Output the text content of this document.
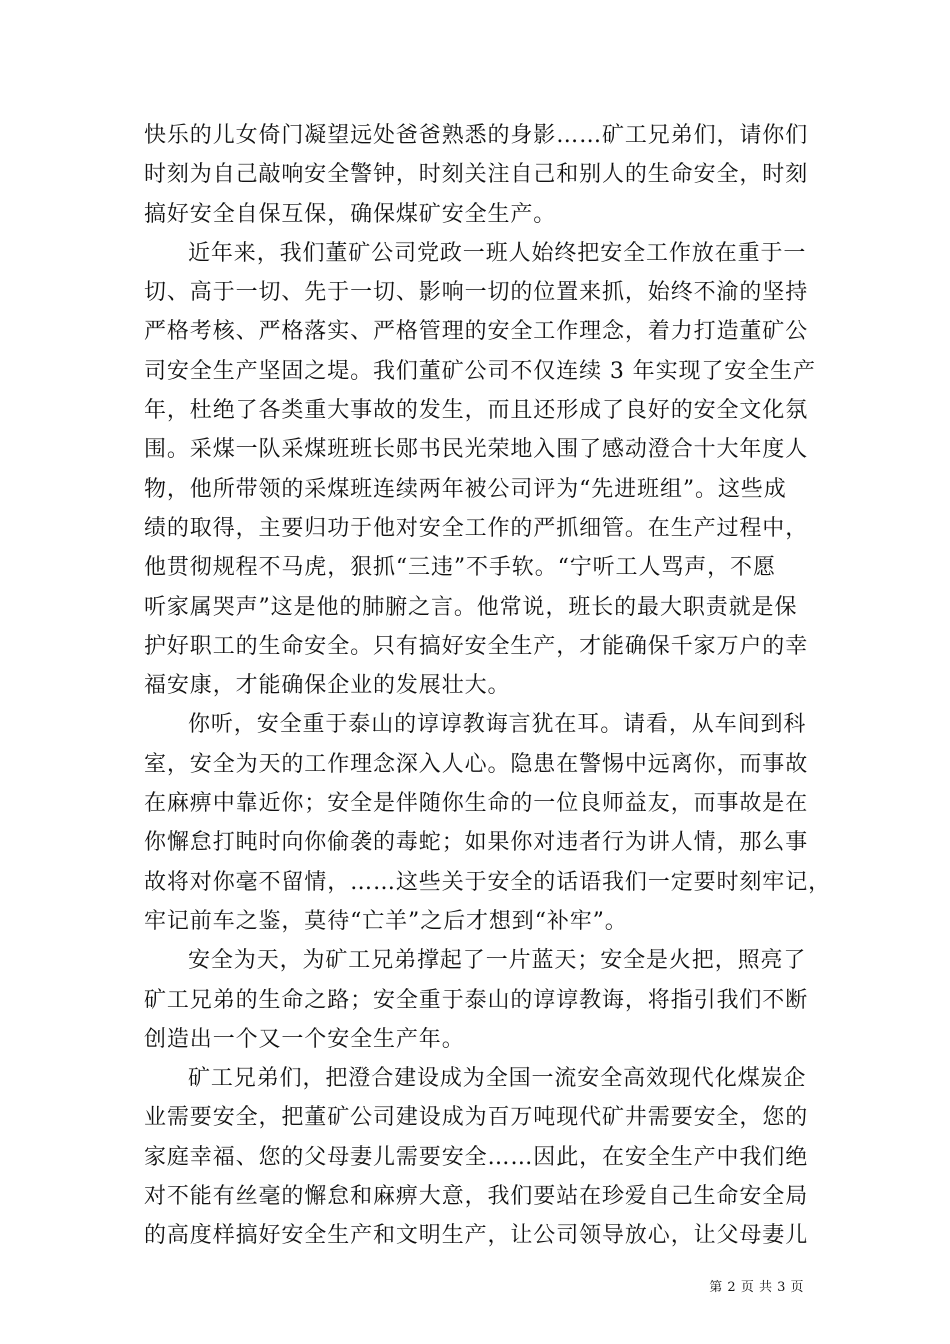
快乐的儿女倚门凝望远处爸爸熟悉的身影……矿工兄弟们，请你们
时刻为自己敲响安全警钟，时刻关注自己和别人的生命安全，时刻
搞好安全自保互保，确保煤矿安全生产。
近年来，我们董矿公司党政一班人始终把安全工作放在重于一
切、高于一切、先于一切、影响一切的位置来抓，始终不渝的坚持
严格考核、严格落实、严格管理的安全工作理念，着力打造董矿公
司安全生产坚固之堤。我们董矿公司不仅连续 3 年实现了安全生产
年，杜绝了各类重大事故的发生，而且还形成了良好的安全文化氛
围。采煤一队采煤班班长郧书民光荣地入围了感动澄合十大年度人
物，他所带领的采煤班连续两年被公司评为“先进班组”。这些成
绩的取得，主要归功于他对安全工作的严抓细管。在生产过程中，
他贯彻规程不马虎，狠抓“三违”不手软。“宁听工人骂声，不愿
听家属哭声”这是他的肺腑之言。他常说，班长的最大职责就是保
护好职工的生命安全。只有搞好安全生产，才能确保千家万户的幸
福安康，才能确保企业的发展壮大。
你听，安全重于泰山的谆谆教诲言犹在耳。请看，从车间到科
室，安全为天的工作理念深入人心。隐患在警惕中远离你，而事故
在麻痹中靠近你；安全是伴随你生命的一位良师益友，而事故是在
你懈怠打盹时向你偷袭的毒蛇；如果你对违者行为讲人情，那么事
故将对你毫不留情，……这些关于安全的话语我们一定要时刻牢记，
牢记前车之鉴，莫待“亡羊”之后才想到“补牢”。
安全为天，为矿工兄弟撑起了一片蓝天；安全是火把，照亮了
矿工兄弟的生命之路；安全重于泰山的谆谆教诲，将指引我们不断
创造出一个又一个安全生产年。
矿工兄弟们，把澄合建设成为全国一流安全高效现代化煤炭企
业需要安全，把董矿公司建设成为百万吨现代矿井需要安全，您的
家庭幸福、您的父母妻儿需要安全……因此，在安全生产中我们绝
对不能有丝毫的懈怠和麻痹大意，我们要站在珍爱自己生命安全局
的高度样搞好安全生产和文明生产，让公司领导放心，让父母妻儿
第 2 页 共 3 页
